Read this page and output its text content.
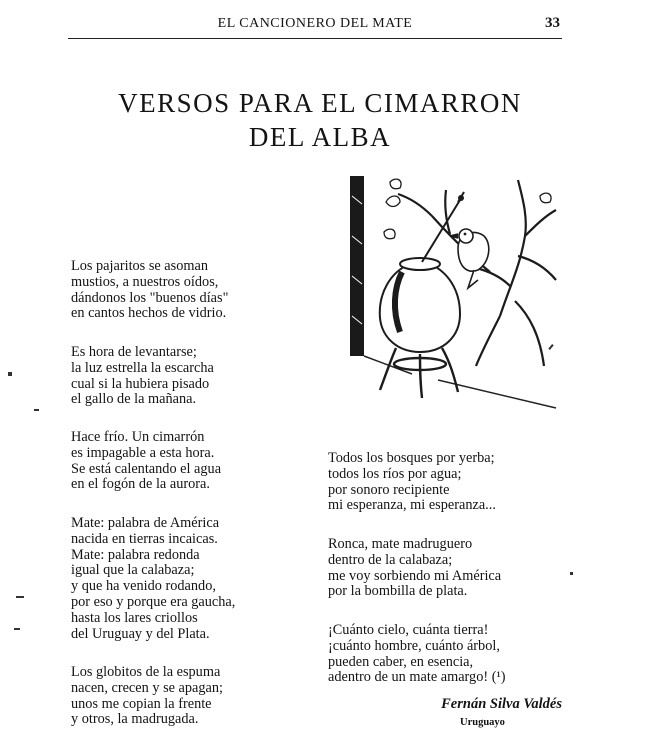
EL CANCIONERO DEL MATE	33
VERSOS PARA EL CIMARRON
DEL ALBA
Los pajaritos se asoman
mustios, a nuestros oídos,
dándonos los "buenos días"
en cantos hechos de vidrio.
Es hora de levantarse;
la luz estrella la escarcha
cual si la hubiera pisado
el gallo de la mañana.
Hace frío. Un cimarrón
es impagable a esta hora.
Se está calentando el agua
en el fogón de la aurora.
Mate: palabra de América
nacida en tierras incaicas.
Mate: palabra redonda
igual que la calabaza;
y que ha venido rodando,
por eso y porque era gaucha,
hasta los lares criollos
del Uruguay y del Plata.
Los globitos de la espuma
nacen, crecen y se apagan;
unos me copian la frente
y otros, la madrugada.
Todos los bosques por yerba;
todos los ríos por agua;
por sonoro recipiente
mi esperanza, mi esperanza...
Ronca, mate madruguero
dentro de la calabaza;
me voy sorbiendo mi América
por la bombilla de plata.
¡Cuánto cielo, cuánta tierra!
¡cuánto hombre, cuánto árbol,
pueden caber, en esencia,
adentro de un mate amargo! (¹)
Fernán Silva Valdés
Uruguayo
